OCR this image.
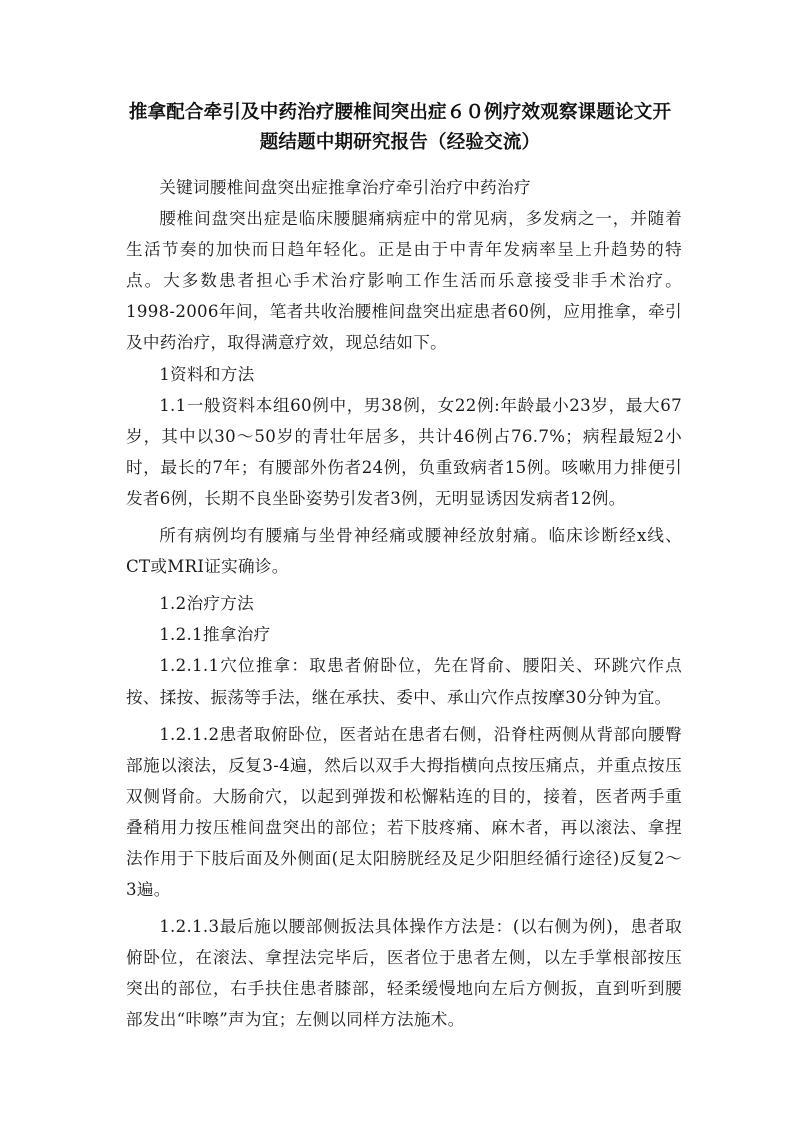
推拿配合牵引及中药治疗腰椎间突出症６０例疗效观察课题论文开
题结题中期研究报告（经验交流）

关键词腰椎间盘突出症推拿治疗牵引治疗中药治疗

腰椎间盘突出症是临床腰腿痛病症中的常见病，多发病之一，并随着生活节奏的加快而日趋年轻化。正是由于中青年发病率呈上升趋势的特点。大多数患者担心手术治疗影响工作生活而乐意接受非手术治疗。1998-2006年间，笔者共收治腰椎间盘突出症患者60例，应用推拿，牵引及中药治疗，取得满意疗效，现总结如下。

1资料和方法

1.1一般资料本组60例中，男38例，女22例:年龄最小23岁，最大67岁，其中以30～50岁的青壮年居多，共计46例占76.7%；病程最短2小时，最长的7年；有腰部外伤者24例，负重致病者15例。咳嗽用力排便引发者6例，长期不良坐卧姿势引发者3例，无明显诱因发病者12例。

所有病例均有腰痛与坐骨神经痛或腰神经放射痛。临床诊断经x线、CT或MRI证实确诊。

1.2治疗方法

1.2.1推拿治疗

1.2.1.1穴位推拿：取患者俯卧位，先在肾俞、腰阳关、环跳穴作点按、揉按、振荡等手法，继在承扶、委中、承山穴作点按摩30分钟为宜。

1.2.1.2患者取俯卧位，医者站在患者右侧，沿脊柱两侧从背部向腰臀部施以滚法，反复3-4遍，然后以双手大拇指横向点按压痛点，并重点按压双侧肾俞。大肠俞穴，以起到弹拨和松懈粘连的目的，接着，医者两手重叠稍用力按压椎间盘突出的部位；若下肢疼痛、麻木者，再以滚法、拿捏法作用于下肢后面及外侧面(足太阳膀胱经及足少阳胆经循行途径)反复2～3遍。

1.2.1.3最后施以腰部侧扳法具体操作方法是：(以右侧为例)，患者取俯卧位，在滚法、拿捏法完毕后，医者位于患者左侧，以左手掌根部按压突出的部位，右手扶住患者膝部，轻柔缓慢地向左后方侧扳，直到听到腰部发出“咔嚓”声为宜；左侧以同样方法施术。
